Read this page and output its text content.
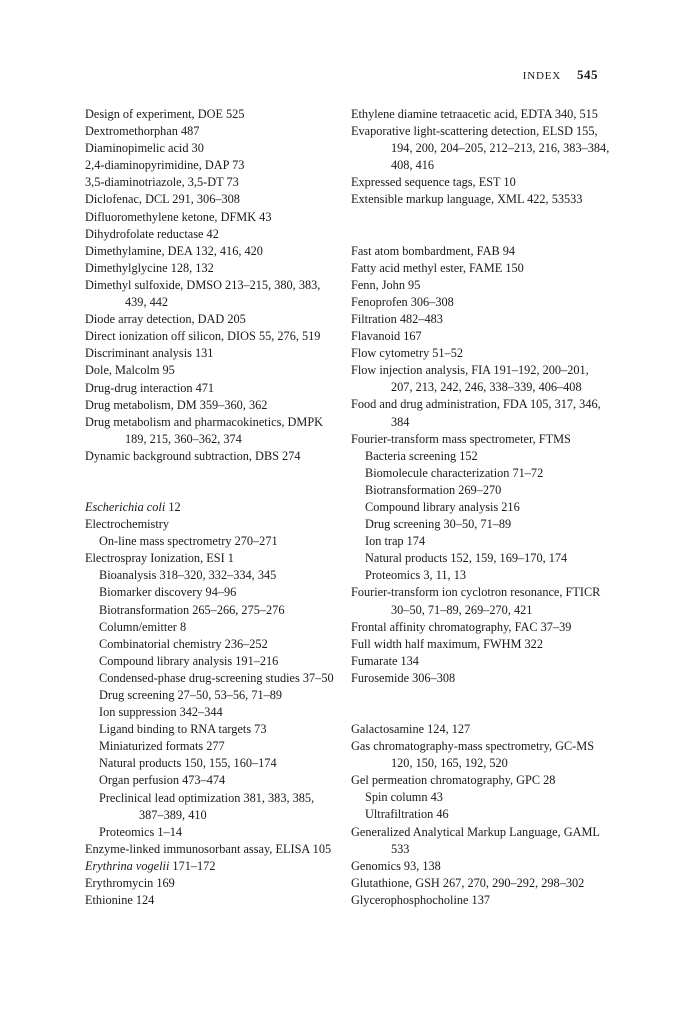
INDEX 545
Design of experiment, DOE 525
Dextromethorphan 487
Diaminopimelic acid 30
2,4-diaminopyrimidine, DAP 73
3,5-diaminotriazole, 3,5-DT 73
Diclofenac, DCL 291, 306–308
Difluoromethylene ketone, DFMK 43
Dihydrofolate reductase 42
Dimethylamine, DEA 132, 416, 420
Dimethylglycine 128, 132
Dimethyl sulfoxide, DMSO 213–215, 380, 383, 439, 442
Diode array detection, DAD 205
Direct ionization off silicon, DIOS 55, 276, 519
Discriminant analysis 131
Dole, Malcolm 95
Drug-drug interaction 471
Drug metabolism, DM 359–360, 362
Drug metabolism and pharmacokinetics, DMPK 189, 215, 360–362, 374
Dynamic background subtraction, DBS 274
Escherichia coli 12
Electrochemistry
On-line mass spectrometry 270–271
Electrospray Ionization, ESI 1
Bioanalysis 318–320, 332–334, 345
Biomarker discovery 94–96
Biotransformation 265–266, 275–276
Column/emitter 8
Combinatorial chemistry 236–252
Compound library analysis 191–216
Condensed-phase drug-screening studies 37–50
Drug screening 27–50, 53–56, 71–89
Ion suppression 342–344
Ligand binding to RNA targets 73
Miniaturized formats 277
Natural products 150, 155, 160–174
Organ perfusion 473–474
Preclinical lead optimization 381, 383, 385, 387–389, 410
Proteomics 1–14
Enzyme-linked immunosorbant assay, ELISA 105
Erythrina vogelii 171–172
Erythromycin 169
Ethionine 124
Ethylene diamine tetraacetic acid, EDTA 340, 515
Evaporative light-scattering detection, ELSD 155, 194, 200, 204–205, 212–213, 216, 383–384, 408, 416
Expressed sequence tags, EST 10
Extensible markup language, XML 422, 53533
Fast atom bombardment, FAB 94
Fatty acid methyl ester, FAME 150
Fenn, John 95
Fenoprofen 306–308
Filtration 482–483
Flavanoid 167
Flow cytometry 51–52
Flow injection analysis, FIA 191–192, 200–201, 207, 213, 242, 246, 338–339, 406–408
Food and drug administration, FDA 105, 317, 346, 384
Fourier-transform mass spectrometer, FTMS
Bacteria screening 152
Biomolecule characterization 71–72
Biotransformation 269–270
Compound library analysis 216
Drug screening 30–50, 71–89
Ion trap 174
Natural products 152, 159, 169–170, 174
Proteomics 3, 11, 13
Fourier-transform ion cyclotron resonance, FTICR 30–50, 71–89, 269–270, 421
Frontal affinity chromatography, FAC 37–39
Full width half maximum, FWHM 322
Fumarate 134
Furosemide 306–308
Galactosamine 124, 127
Gas chromatography-mass spectrometry, GC-MS 120, 150, 165, 192, 520
Gel permeation chromatography, GPC 28
Spin column 43
Ultrafiltration 46
Generalized Analytical Markup Language, GAML 533
Genomics 93, 138
Glutathione, GSH 267, 270, 290–292, 298–302
Glycerophosphocholine 137
